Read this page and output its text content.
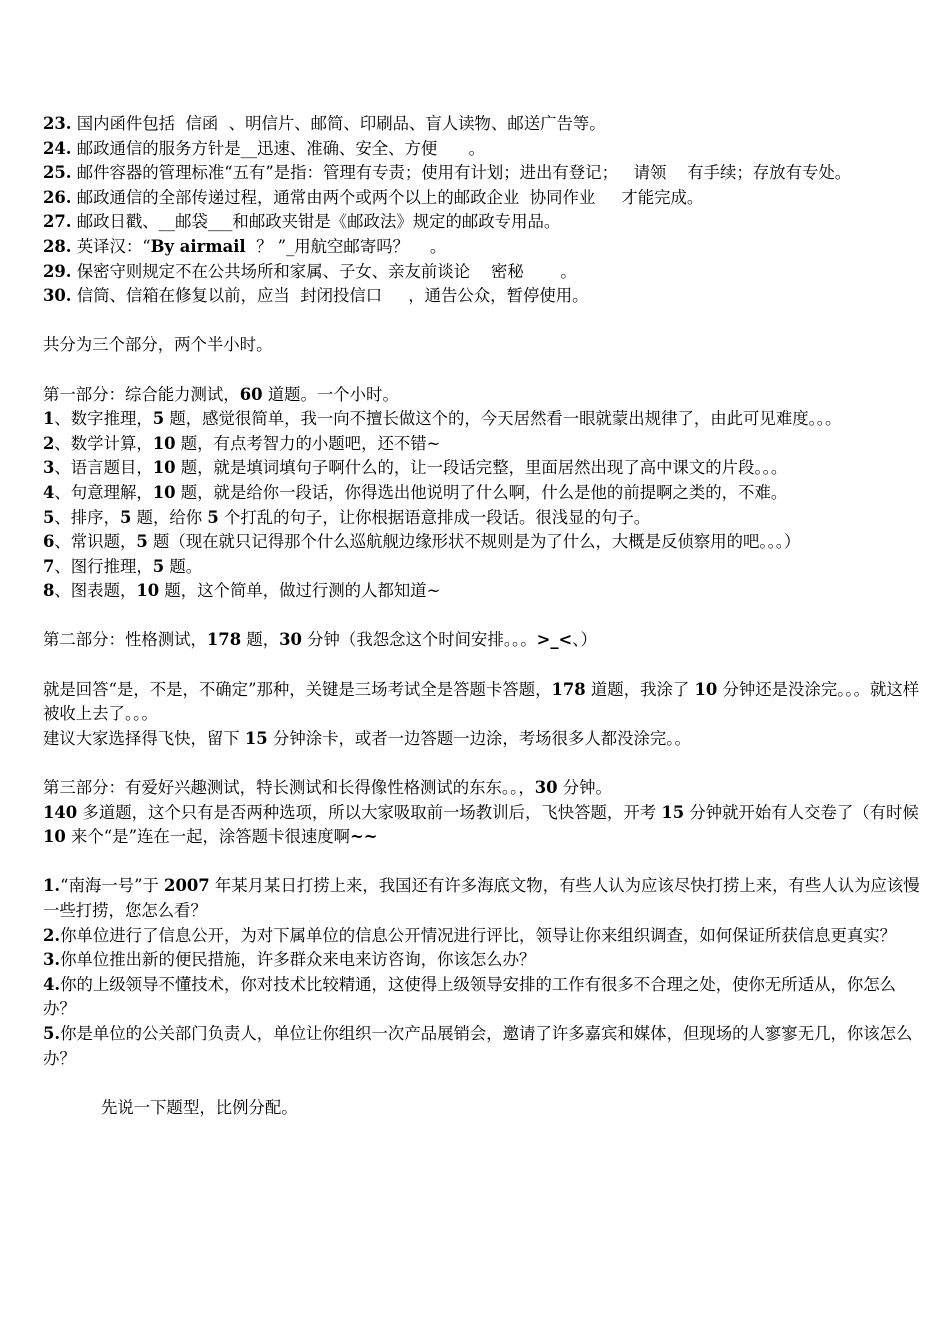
23. 国内函件包括  信函  、明信片、邮简、印刷品、盲人读物、邮送广告等。

24. 邮政通信的服务方针是__迅速、准确、安全、方便      。

25. 邮件容器的管理标准“五有”是指：管理有专责；使用有计划；进出有登记；   请领    有手续；存放有专处。

26. 邮政通信的全部传递过程，通常由两个或两个以上的邮政企业  协同作业     才能完成。

27. 邮政日戳、__邮袋___和邮政夹钳是《邮政法》规定的邮政专用品。

28. 英译汉：“By airmail  ？ ”_用航空邮寄吗？    。

29. 保密守则规定不在公共场所和家属、子女、亲友前谈论    密秘       。

30. 信筒、信箱在修复以前，应当  封闭投信口     ，通告公众，暂停使用。

共分为三个部分，两个半小时。

第一部分：综合能力测试，60 道题。一个小时。

1、数字推理，5 题，感觉很简单，我一向不擅长做这个的，今天居然看一眼就蒙出规律了，由此可见难度。。。

2、数学计算，10 题，有点考智力的小题吧，还不错~

3、语言题目，10 题，就是填词填句子啊什么的，让一段话完整，里面居然出现了高中课文的片段。。。

4、句意理解，10 题，就是给你一段话，你得选出他说明了什么啊，什么是他的前提啊之类的，不难。

5、排序，5 题，给你 5 个打乱的句子，让你根据语意排成一段话。很浅显的句子。

6、常识题，5 题（现在就只记得那个什么巡航舰边缘形状不规则是为了什么，大概是反侦察用的吧。。。）

7、图行推理，5 题。

8、图表题，10 题，这个简单，做过行测的人都知道~

第二部分：性格测试，178 题，30 分钟（我怨念这个时间安排。。。>_<、）

就是回答“是，不是，不确定”那种，关键是三场考试全是答题卡答题，178 道题，我涂了 10 分钟还是没涂完。。。就这样被收上去了。。。

建议大家选择得飞快，留下 15 分钟涂卡，或者一边答题一边涂，考场很多人都没涂完。。

第三部分：有爱好兴趣测试，特长测试和长得像性格测试的东东。。，30 分钟。

140 多道题，这个只有是否两种选项，所以大家吸取前一场教训后，飞快答题，开考 15 分钟就开始有人交卷了（有时候 10 来个“是”连在一起，涂答题卡很速度啊~~

1.“南海一号”于 2007 年某月某日打捞上来，我国还有许多海底文物，有些人认为应该尽快打捞上来，有些人认为应该慢一些打捞，您怎么看？

2.你单位进行了信息公开，为对下属单位的信息公开情况进行评比，领导让你来组织调查，如何保证所获信息更真实？

3.你单位推出新的便民措施，许多群众来电来访咨询，你该怎么办？

4.你的上级领导不懂技术，你对技术比较精通，这使得上级领导安排的工作有很多不合理之处，使你无所适从，你怎么办？

5.你是单位的公关部门负责人，单位让你组织一次产品展销会，邀请了许多嘉宾和媒体，但现场的人寥寥无几，你该怎么办？

先说一下题型，比例分配。
